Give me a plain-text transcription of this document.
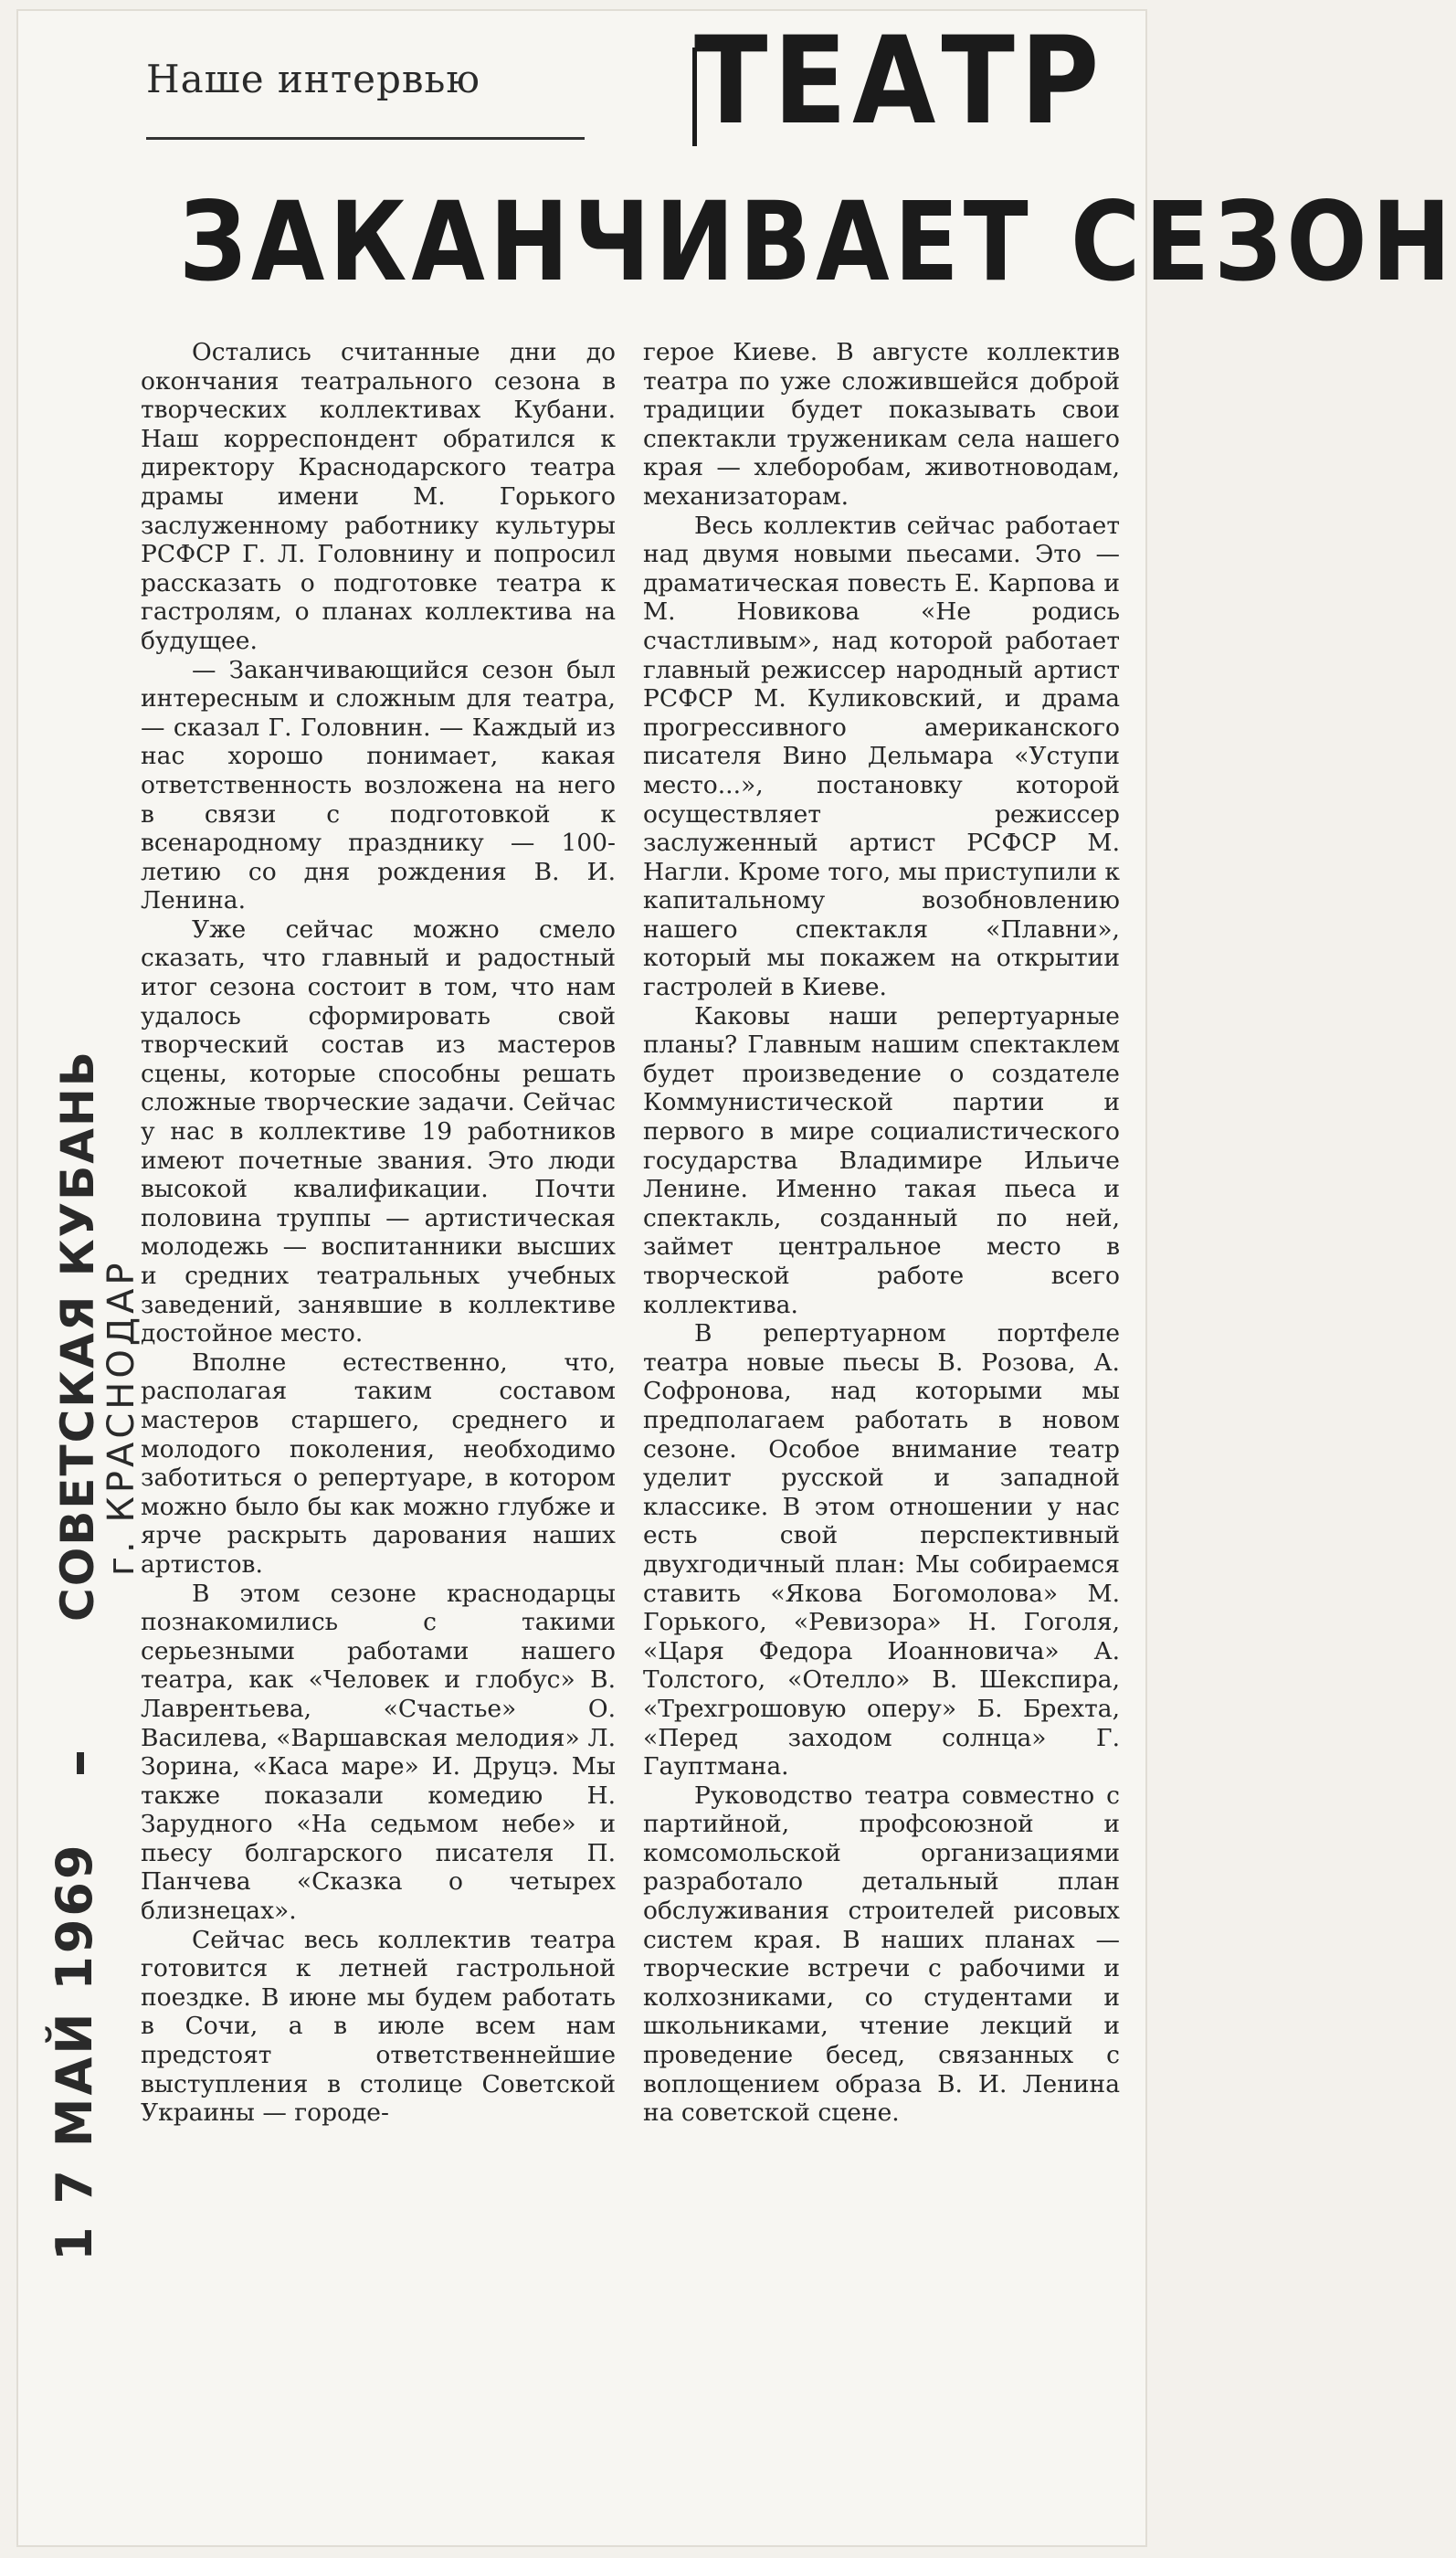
Наше интервью ТЕАТР
ЗАКАНЧИВАЕТ СЕЗОН

Остались считанные дни до окончания театрального сезона в творческих коллективах Кубани. Наш корреспондент обратился к директору Краснодарского театра драмы имени М. Горького заслуженному работнику культуры РСФСР Г. Л. Головнину и попросил рассказать о подготовке театра к гастролям, о планах коллектива на будущее.

— Заканчивающийся сезон был интересным и сложным для театра, — сказал Г. Головнин. — Каждый из нас хорошо понимает, какая ответственность возложена на него в связи с подготовкой к всенародному празднику — 100-летию со дня рождения В. И. Ленина.

Уже сейчас можно смело сказать, что главный и радостный итог сезона состоит в том, что нам удалось сформировать свой творческий состав из мастеров сцены, которые способны решать сложные творческие задачи. Сейчас у нас в коллективе 19 работников имеют почетные звания. Это люди высокой квалификации. Почти половина труппы — артистическая молодежь — воспитанники высших и средних театральных учебных заведений, занявшие в коллективе достойное место.

Вполне естественно, что, располагая таким составом мастеров старшего, среднего и молодого поколения, необходимо заботиться о репертуаре, в котором можно было бы как можно глубже и ярче раскрыть дарования наших артистов.

В этом сезоне краснодарцы познакомились с такими серьезными работами нашего театра, как «Человек и глобус» В. Лаврентьева, «Счастье» О. Василева, «Варшавская мелодия» Л. Зорина, «Каса маре» И. Друцэ. Мы также показали комедию Н. Зарудного «На седьмом небе» и пьесу болгарского писателя П. Панчева «Сказка о четырех близнецах».

Сейчас весь коллектив театра готовится к летней гастрольной поездке. В июне мы будем работать в Сочи, а в июле всем нам предстоят ответственнейшие выступления в столице Советской Украины — городе-

герое Киеве. В августе коллектив театра по уже сложившейся доброй традиции будет показывать свои спектакли труженикам села нашего края — хлеборобам, животноводам, механизаторам.

Весь коллектив сейчас работает над двумя новыми пьесами. Это — драматическая повесть Е. Карпова и М. Новикова «Не родись счастливым», над которой работает главный режиссер народный артист РСФСР М. Куликовский, и драма прогрессивного американского писателя Вино Дельмара «Уступи место...», постановку которой осуществляет режиссер заслуженный артист РСФСР М. Нагли. Кроме того, мы приступили к капитальному возобновлению нашего спектакля «Плавни», который мы покажем на открытии гастролей в Киеве.

Каковы наши репертуарные планы? Главным нашим спектаклем будет произведение о создателе Коммунистической партии и первого в мире социалистического государства Владимире Ильиче Ленине. Именно такая пьеса и спектакль, созданный по ней, займет центральное место в творческой работе всего коллектива.

В репертуарном портфеле театра новые пьесы В. Розова, А. Софронова, над которыми мы предполагаем работать в новом сезоне. Особое внимание театр уделит русской и западной классике. В этом отношении у нас есть свой перспективный двухгодичный план: Мы собираемся ставить «Якова Богомолова» М. Горького, «Ревизора» Н. Гоголя, «Царя Федора Иоанновича» А. Толстого, «Отелло» В. Шекспира, «Трехгрошовую оперу» Б. Брехта, «Перед заходом солнца» Г. Гауптмана.

Руководство театра совместно с партийной, профсоюзной и комсомольской организациями разработало детальный план обслуживания строителей рисовых систем края. В наших планах — творческие встречи с рабочими и колхозниками, со студентами и школьниками, чтение лекций и проведение бесед, связанных с воплощением образа В. И. Ленина на советской сцене.

СОВЕТСКАЯ КУБАНЬ
г. КРАСНОДАР
1 7 МАЙ 1969
